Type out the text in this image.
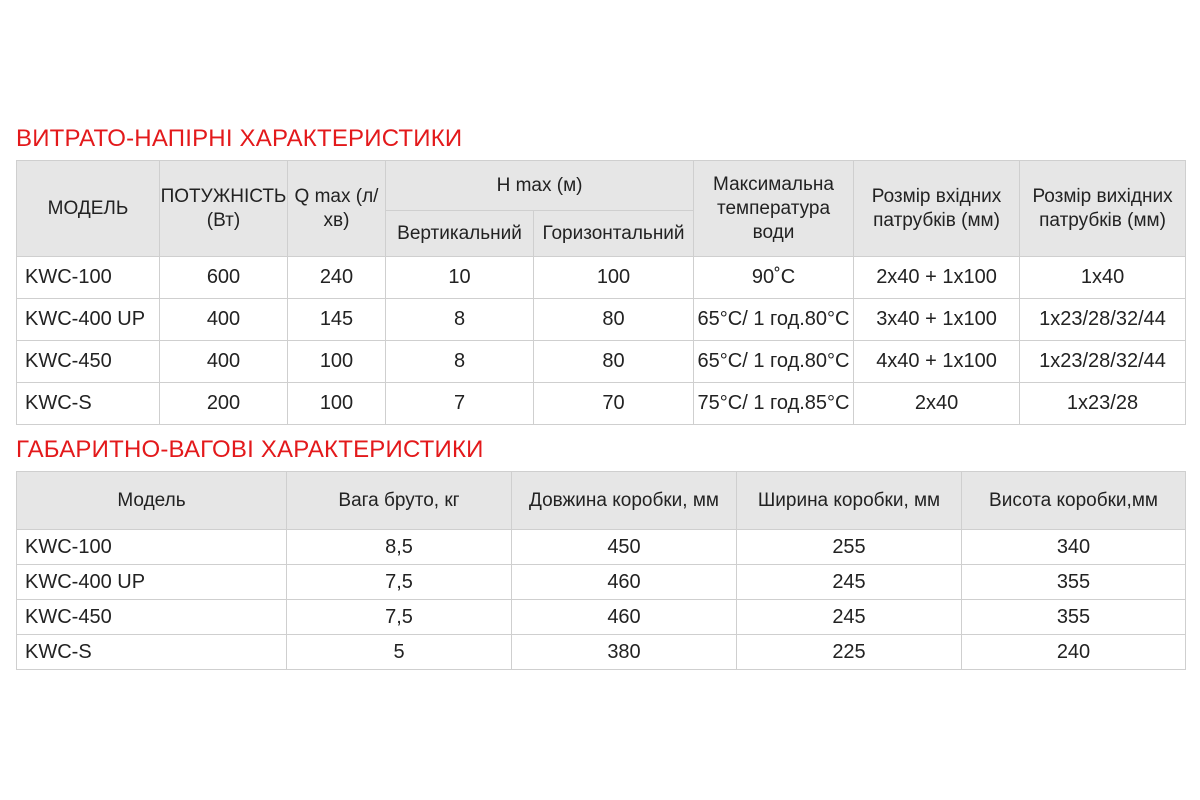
ВИТРАТО-НАПІРНІ ХАРАКТЕРИСТИКИ
МОДЕЛЬ	ПОТУЖНІСТЬ (Вт)	Q max (л/хв)	H max (м)		Максимальна температура води	Розмір вхідних патрубків (мм)	Розмір вихідних патрубків (мм)
			Вертикальний	Горизонтальний			
KWC-100	600	240	10	100	90˚С	2х40 + 1х100	1х40
KWC-400 UP	400	145	8	80	65°С/ 1 год.80°С	3х40 + 1х100	1х23/28/32/44
KWC-450	400	100	8	80	65°С/ 1 год.80°С	4х40 + 1х100	1х23/28/32/44
KWC-S	200	100	7	70	75°С/ 1 год.85°С	2х40	1х23/28
ГАБАРИТНО-ВАГОВІ ХАРАКТЕРИСТИКИ
Модель	Вага бруто, кг	Довжина коробки, мм	Ширина коробки, мм	Висота коробки,мм
KWC-100	8,5	450	255	340
KWC-400 UP	7,5	460	245	355
KWC-450	7,5	460	245	355
KWC-S	5	380	225	240
